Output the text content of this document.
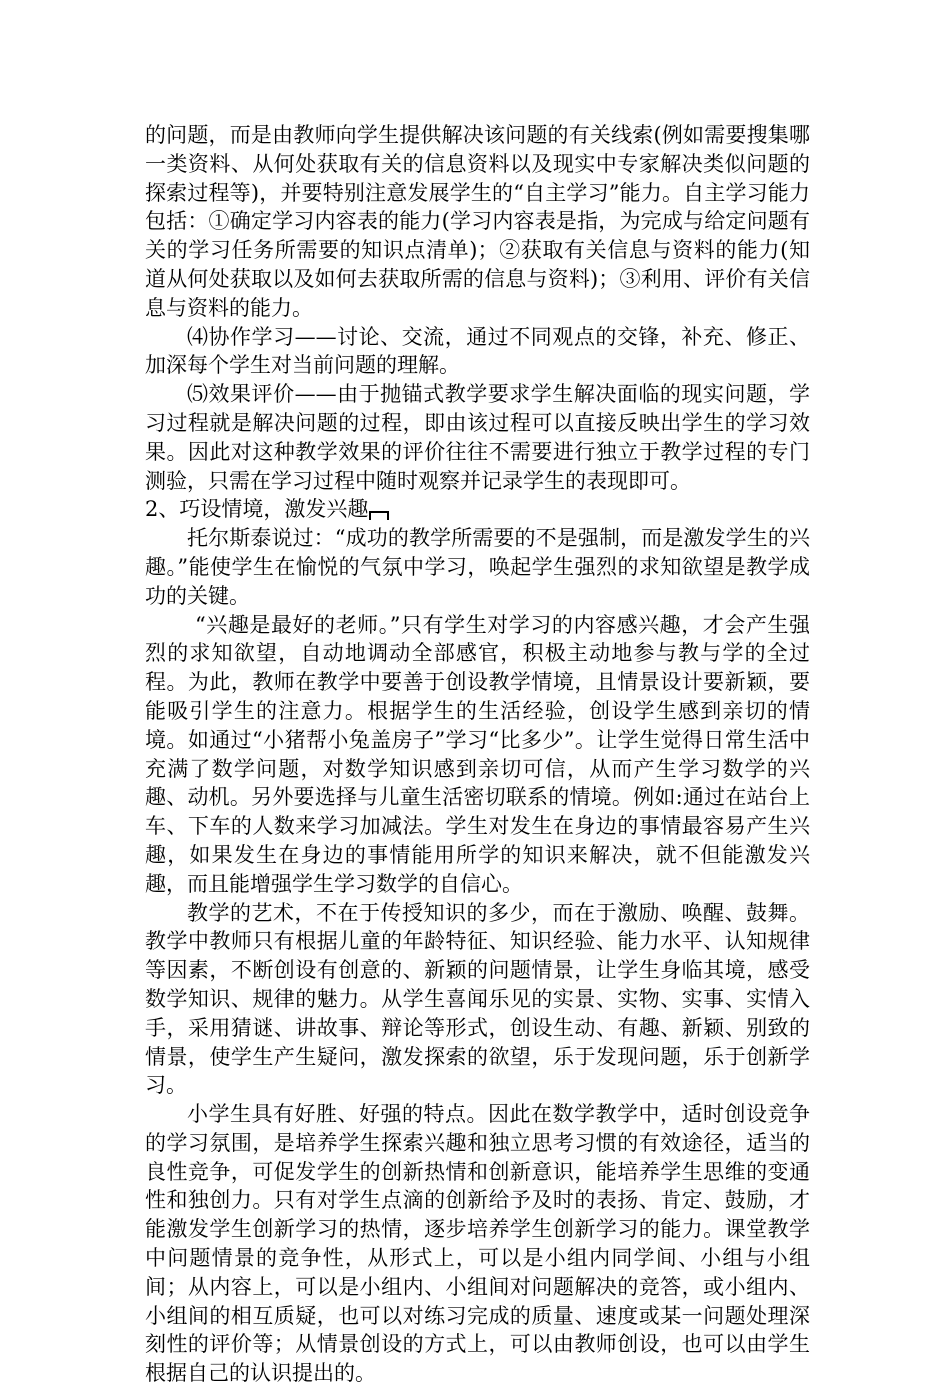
的问题，而是由教师向学生提供解决该问题的有关线索(例如需要搜集哪一类资料、从何处获取有关的信息资料以及现实中专家解决类似问题的探索过程等)，并要特别注意发展学生的“自主学习”能力。自主学习能力包括：①确定学习内容表的能力(学习内容表是指，为完成与给定问题有关的学习任务所需要的知识点清单)；②获取有关信息与资料的能力(知道从何处获取以及如何去获取所需的信息与资料)；③利用、评价有关信息与资料的能力。

⑷协作学习——讨论、交流，通过不同观点的交锋，补充、修正、加深每个学生对当前问题的理解。

⑸效果评价——由于抛锚式教学要求学生解决面临的现实问题，学习过程就是解决问题的过程，即由该过程可以直接反映出学生的学习效果。因此对这种教学效果的评价往往不需要进行独立于教学过程的专门测验，只需在学习过程中随时观察并记录学生的表现即可。

2、巧设情境，激发兴趣

托尔斯泰说过：“成功的教学所需要的不是强制，而是激发学生的兴趣。”能使学生在愉悦的气氛中学习，唤起学生强烈的求知欲望是教学成功的关键。

“兴趣是最好的老师。”只有学生对学习的内容感兴趣，才会产生强烈的求知欲望，自动地调动全部感官，积极主动地参与教与学的全过程。为此，教师在教学中要善于创设教学情境，且情景设计要新颖，要能吸引学生的注意力。根据学生的生活经验，创设学生感到亲切的情境。如通过“小猪帮小兔盖房子”学习“比多少”。让学生觉得日常生活中充满了数学问题，对数学知识感到亲切可信，从而产生学习数学的兴趣、动机。另外要选择与儿童生活密切联系的情境。例如:通过在站台上车、下车的人数来学习加减法。学生对发生在身边的事情最容易产生兴趣，如果发生在身边的事情能用所学的知识来解决，就不但能激发兴趣，而且能增强学生学习数学的自信心。

教学的艺术，不在于传授知识的多少，而在于激励、唤醒、鼓舞。教学中教师只有根据儿童的年龄特征、知识经验、能力水平、认知规律等因素，不断创设有创意的、新颖的问题情景，让学生身临其境，感受数学知识、规律的魅力。从学生喜闻乐见的实景、实物、实事、实情入手，采用猜谜、讲故事、辩论等形式，创设生动、有趣、新颖、别致的情景，使学生产生疑问，激发探索的欲望，乐于发现问题，乐于创新学习。

小学生具有好胜、好强的特点。因此在数学教学中，适时创设竞争的学习氛围，是培养学生探索兴趣和独立思考习惯的有效途径，适当的良性竞争，可促发学生的创新热情和创新意识，能培养学生思维的变通性和独创力。只有对学生点滴的创新给予及时的表扬、肯定、鼓励，才能激发学生创新学习的热情，逐步培养学生创新学习的能力。课堂教学中问题情景的竞争性，从形式上，可以是小组内同学间、小组与小组间；从内容上，可以是小组内、小组间对问题解决的竞答，或小组内、小组间的相互质疑，也可以对练习完成的质量、速度或某一问题处理深刻性的评价等；从情景创设的方式上，可以由教师创设，也可以由学生根据自己的认识提出的。
